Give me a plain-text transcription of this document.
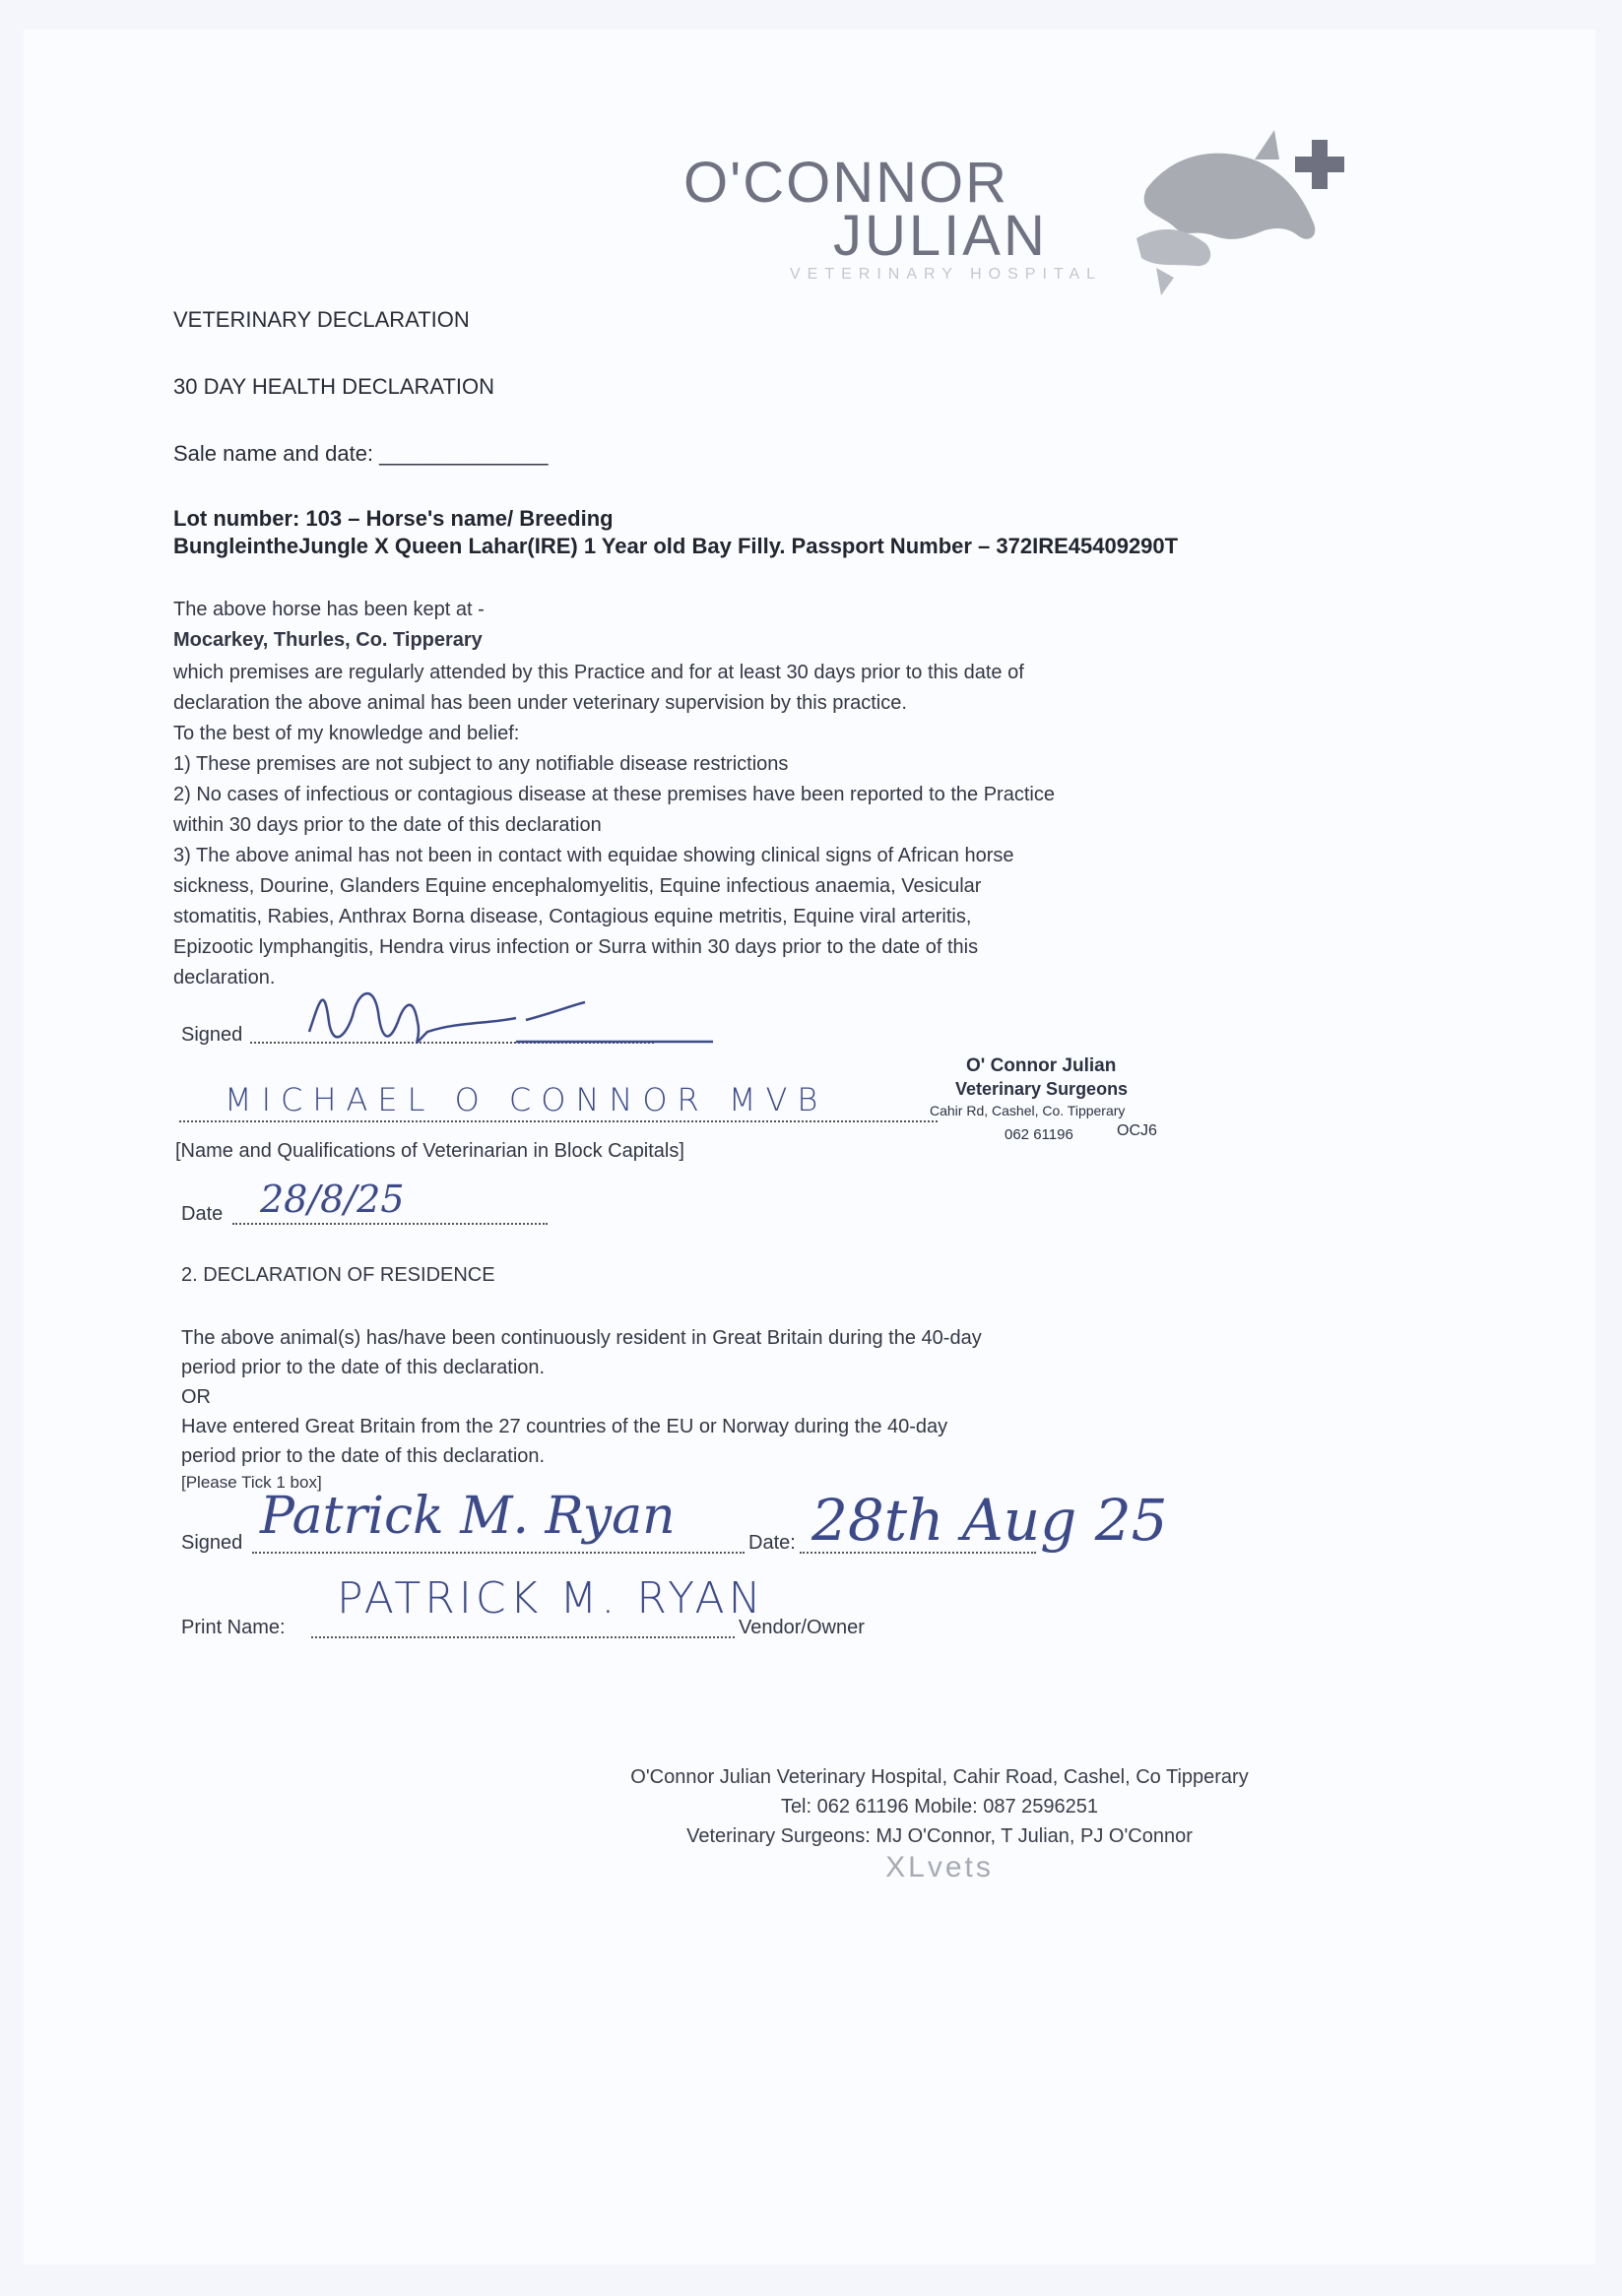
O'CONNOR
JULIAN
VETERINARY HOSPITAL
VETERINARY DECLARATION
30 DAY HEALTH DECLARATION
Sale name and date: ______________
Lot number: 103 – Horse's name/ Breeding
BungleintheJungle X Queen Lahar(IRE) 1 Year old Bay Filly. Passport Number – 372IRE45409290T
The above horse has been kept at -
Mocarkey, Thurles, Co. Tipperary
which premises are regularly attended by this Practice and for at least 30 days prior to this date of
declaration the above animal has been under veterinary supervision by this practice.
To the best of my knowledge and belief:
1) These premises are not subject to any notifiable disease restrictions
2) No cases of infectious or contagious disease at these premises have been reported to the Practice
within 30 days prior to the date of this declaration
3) The above animal has not been in contact with equidae showing clinical signs of African horse
sickness, Dourine, Glanders Equine encephalomyelitis, Equine infectious anaemia, Vesicular
stomatitis, Rabies, Anthrax Borna disease, Contagious equine metritis, Equine viral arteritis,
Epizootic lymphangitis, Hendra virus infection or Surra within 30 days prior to the date of this
declaration.
Signed
MICHAEL O CONNOR MVB
[Name and Qualifications of Veterinarian in Block Capitals]
O' Connor Julian
Veterinary Surgeons
Cahir Rd, Cashel, Co. Tipperary
062 61196	OCJ6
Date 28/8/25
2. DECLARATION OF RESIDENCE
The above animal(s) has/have been continuously resident in Great Britain during the 40-day
period prior to the date of this declaration.
OR
Have entered Great Britain from the 27 countries of the EU or Norway during the 40-day
period prior to the date of this declaration.
[Please Tick 1 box]
Signed Patrick M. Ryan	Date: 28th Aug 25
Print Name:
PATRICK M. RYAN
Vendor/Owner
O'Connor Julian Veterinary Hospital, Cahir Road, Cashel, Co Tipperary
Tel: 062 61196 Mobile: 087 2596251
Veterinary Surgeons: MJ O'Connor, T Julian, PJ O'Connor
XLvets
